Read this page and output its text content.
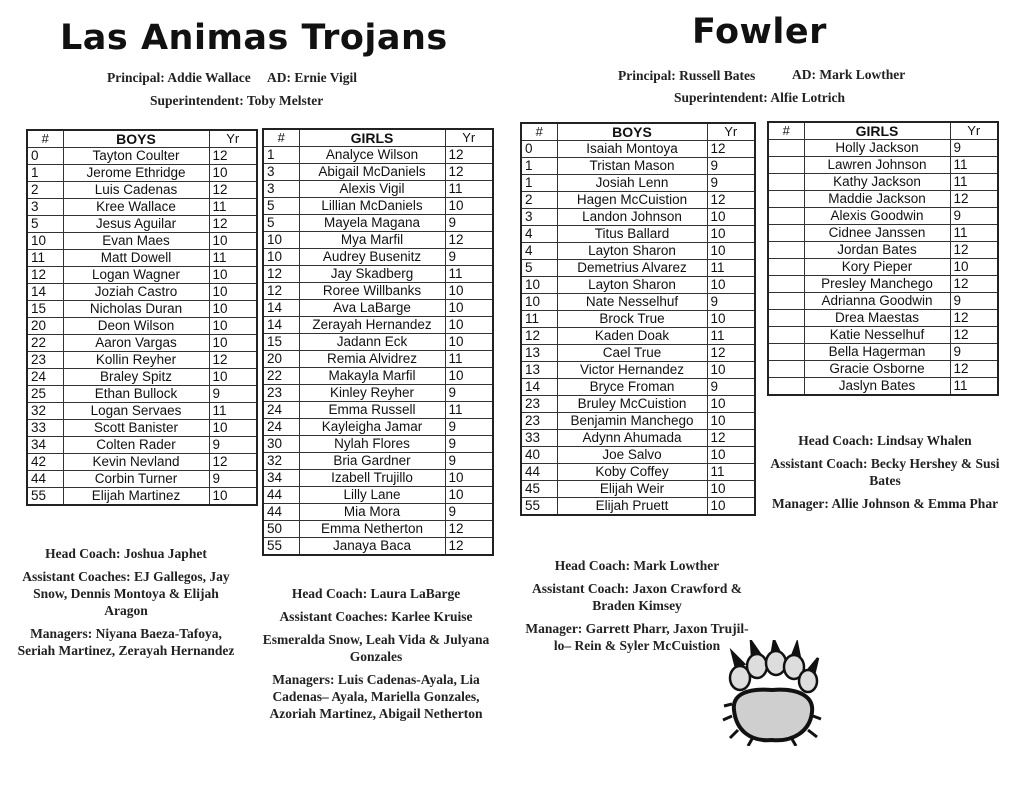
Las Animas Trojans
Principal: Addie Wallace AD: Ernie Vigil
Superintendent: Toby Melster
Fowler
Principal: Russell Bates	AD: Mark Lowther
Superintendent: Alfie Lotrich
#	BOYS	Yr
0	Tayton Coulter	12
1	Jerome Ethridge	10
2	Luis Cadenas	12
3	Kree Wallace	11
5	Jesus Aguilar	12
10	Evan Maes	10
11	Matt Dowell	11
12	Logan Wagner	10
14	Joziah Castro	10
15	Nicholas Duran	10
20	Deon Wilson	10
22	Aaron Vargas	10
23	Kollin Reyher	12
24	Braley Spitz	10
25	Ethan Bullock	9
32	Logan Servaes	11
33	Scott Banister	10
34	Colten Rader	9
42	Kevin Nevland	12
44	Corbin Turner	9
55	Elijah Martinez	10
#	GIRLS	Yr
1	Analyce Wilson	12
3	Abigail McDaniels	12
3	Alexis Vigil	11
5	Lillian McDaniels	10
5	Mayela Magana	9
10	Mya Marfil	12
10	Audrey Busenitz	9
12	Jay Skadberg	11
12	Roree Willbanks	10
14	Ava LaBarge	10
14	Zerayah Hernandez	10
15	Jadann Eck	10
20	Remia Alvidrez	11
22	Makayla Marfil	10
23	Kinley Reyher	9
24	Emma Russell	11
24	Kayleigha Jamar	9
30	Nylah Flores	9
32	Bria Gardner	9
34	Izabell Trujillo	10
44	Lilly Lane	10
44	Mia Mora	9
50	Emma Netherton	12
55	Janaya Baca	12
#	BOYS	Yr
0	Isaiah Montoya	12
1	Tristan Mason	9
1	Josiah Lenn	9
2	Hagen McCuistion	12
3	Landon Johnson	10
4	Titus Ballard	10
4	Layton Sharon	10
5	Demetrius Alvarez	11
10	Layton Sharon	10
10	Nate Nesselhuf	9
11	Brock True	10
12	Kaden Doak	11
13	Cael True	12
13	Victor Hernandez	10
14	Bryce Froman	9
23	Bruley McCuistion	10
23	Benjamin Manchego	10
33	Adynn Ahumada	12
40	Joe Salvo	10
44	Koby Coffey	11
45	Elijah Weir	10
55	Elijah Pruett	10
#	GIRLS	Yr
	Holly Jackson	9
	Lawren Johnson	11
	Kathy Jackson	11
	Maddie Jackson	12
	Alexis Goodwin	9
	Cidnee Janssen	11
	Jordan Bates	12
	Kory Pieper	10
	Presley Manchego	12
	Adrianna Goodwin	9
	Drea Maestas	12
	Katie Nesselhuf	12
	Bella Hagerman	9
	Gracie Osborne	12
	Jaslyn Bates	11

Head Coach: Joshua Japhet

Assistant Coaches: EJ Gallegos, Jay Snow, Dennis Montoya & Elijah Aragon

Managers: Niyana Baeza-Tafoya, Seriah Martinez, Zerayah Hernandez

Head Coach: Laura LaBarge

Assistant Coaches: Karlee Kruise

Esmeralda Snow, Leah Vida & Julyana Gonzales

Managers: Luis Cadenas-Ayala, Lia Cadenas– Ayala, Mariella Gonzales, Azoriah Martinez, Abigail Netherton

Head Coach: Mark Lowther

Assistant Coach: Jaxon Crawford & Braden Kimsey

Manager: Garrett Pharr, Jaxon Trujil-lo– Rein & Syler McCuistion

Head Coach: Lindsay Whalen

Assistant Coach: Becky Hershey & Susi Bates

Manager: Allie Johnson & Emma Phar
